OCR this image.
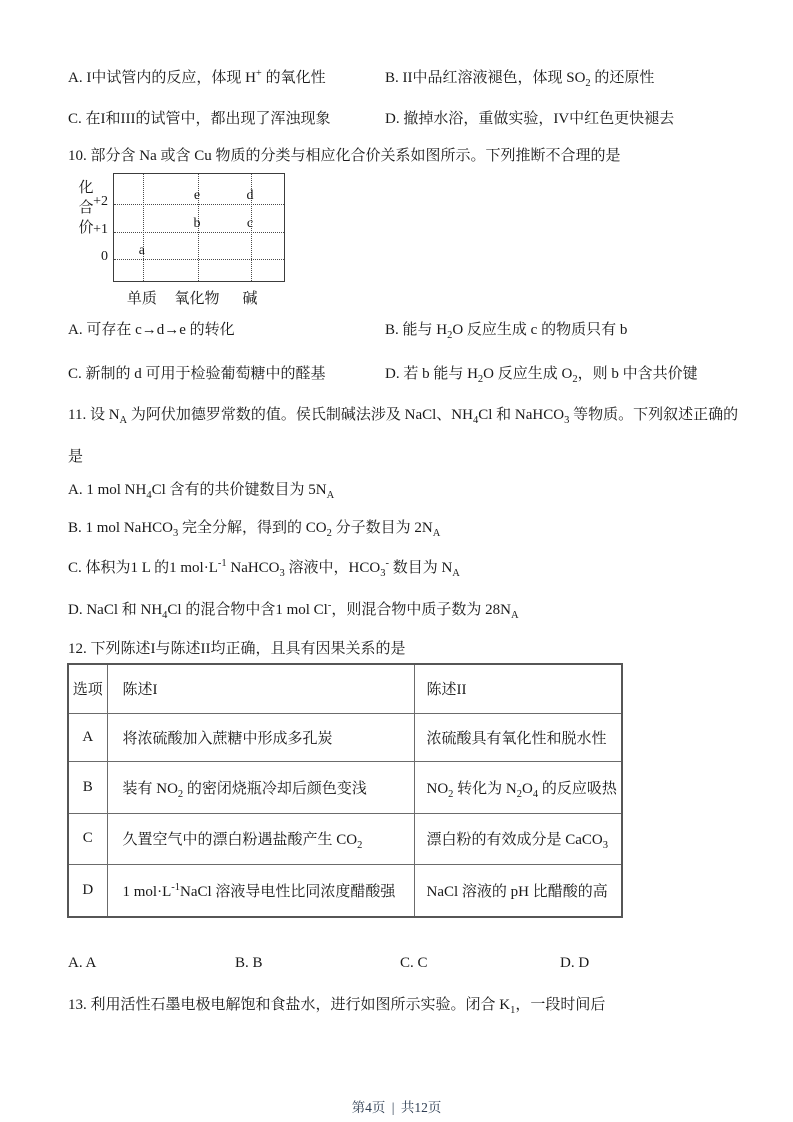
A. I中试管内的反应，体现 H+ 的氧化性	B. II中品红溶液褪色，体现 $SO_2$ 的还原性
C. 在I和III的试管中，都出现了浑浊现象	D. 撤掉水浴，重做实验，IV中红色更快褪去
10. 部分含 Na 或含 Cu 物质的分类与相应化合价关系如图所示。下列推断不合理的是
化
合
价
+2
+1
0
单质 氧化物 碱
a
b
e
c
d
A. 可存在 c→d→e 的转化	B. 能与 $H_2O$ 反应生成 c 的物质只有 b
C. 新制的 d 可用于检验葡萄糖中的醛基	D. 若 b 能与 $H_2O$ 反应生成 $O_2$，则 b 中含共价键
11. 设 $N_A$ 为阿伏加德罗常数的值。侯氏制碱法涉及 NaCl、$NH_4Cl$ 和 NaHCO$_3$ 等物质。下列叙述正确的
是
A. 1 mol $NH_4Cl$ 含有的共价键数目为 $5N_A$
B. 1 mol NaHCO$_3$ 完全分解，得到的 $CO_2$ 分子数目为 $2N_A$
C. 体积为1 L 的1 $mol\cdot L^{-1}$ NaHCO$_3$ 溶液中，$HCO_3^-$ 数目为 $N_A$
D. NaCl 和 $NH_4Cl$ 的混合物中含1 mol Cl-，则混合物中质子数为 $28N_A$
12. 下列陈述I与陈述II均正确，且具有因果关系的是
选项	陈述I	陈述II
A	将浓硫酸加入蔗糖中形成多孔炭	浓硫酸具有氧化性和脱水性
B	装有 $NO_2$ 的密闭烧瓶冷却后颜色变浅	$NO_2$ 转化为 $N_2O_4$ 的反应吸热
C	久置空气中的漂白粉遇盐酸产生 $CO_2$	漂白粉的有效成分是 CaCO$_3$
D	1 $mol\cdot L^{-1}NaCl$ 溶液导电性比同浓度醋酸强	NaCl 溶液的 pH 比醋酸的高
A. A	B. B	C. C	D. D
13. 利用活性石墨电极电解饱和食盐水，进行如图所示实验。闭合 $K_1$，一段时间后
第4页 | 共12页
